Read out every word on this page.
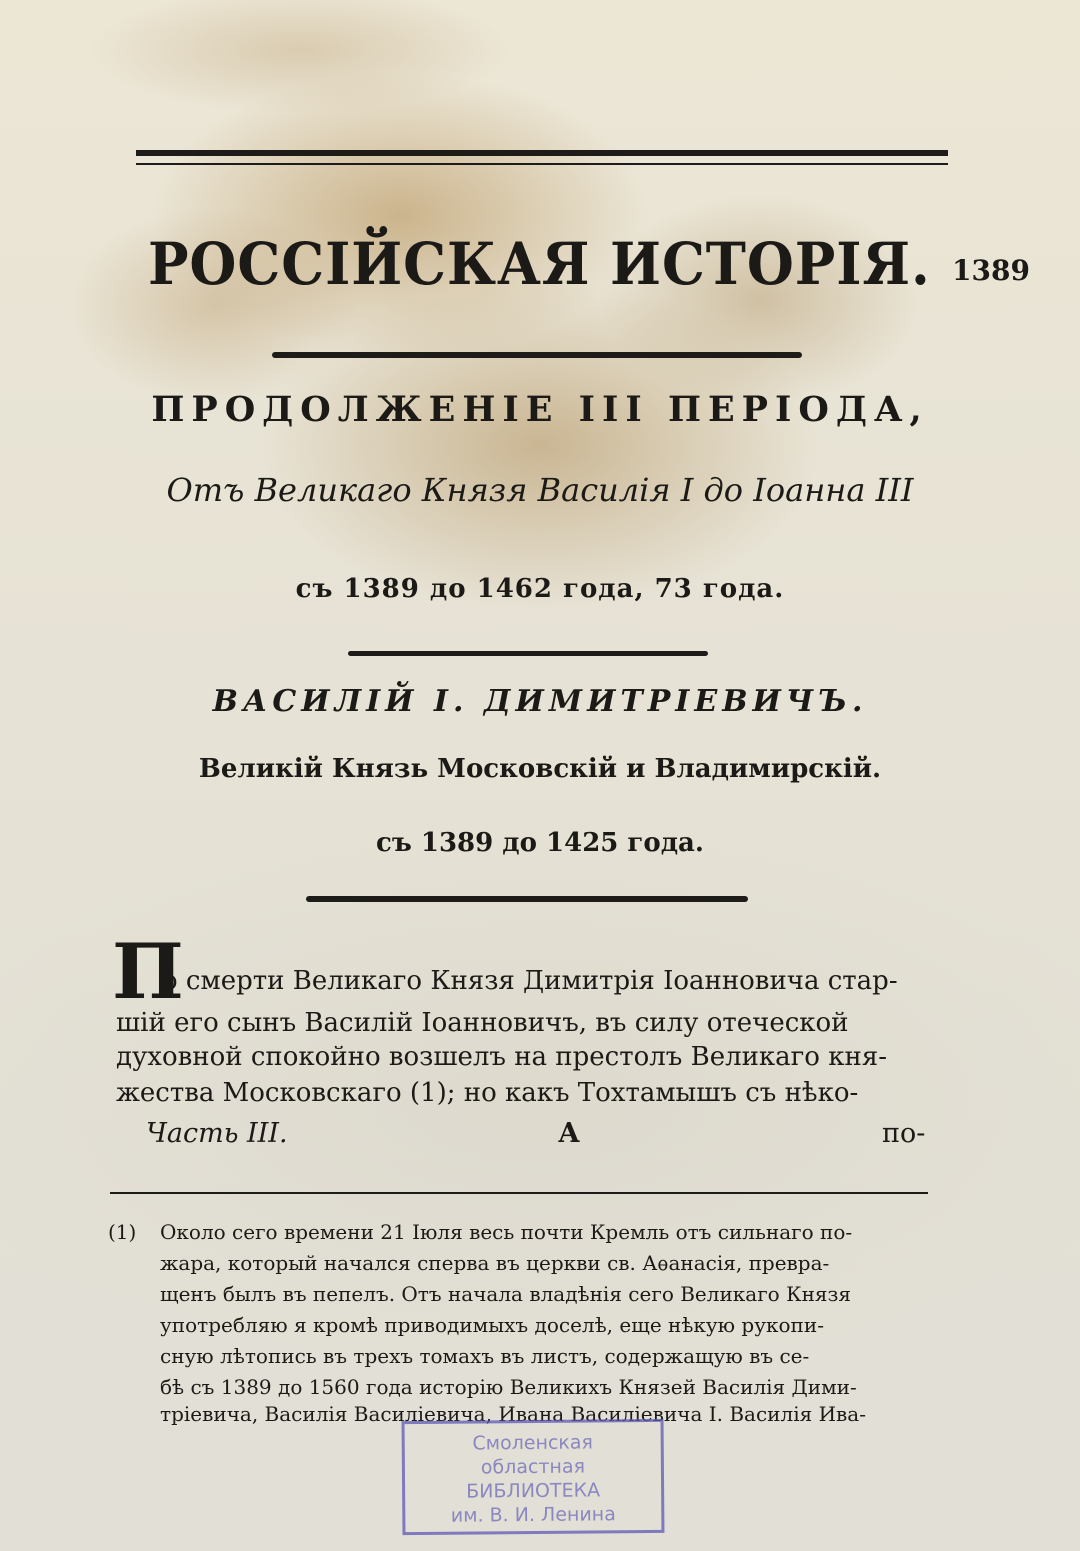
РОССІЙСКАЯ ИСТОРІЯ. 1389
ПРОДОЛЖЕНІЕ III ПЕРІОДА,
Отъ Великаго Князя Василія I до Іоанна III
съ 1389 до 1462 года, 73 года.
ВАСИЛІЙ I. ДИМИТРІЕВИЧЪ.
Великій Князь Московскій и Владимирскій.
съ 1389 до 1425 года.
П
о смерти Великаго Князя Димитрія Іоанновича стар-
шій его сынъ Василій Іоанновичъ, въ силу отеческой
духовной спокойно возшелъ на престолъ Великаго кня-
жества Московскаго (1); но какъ Тохтамышъ съ нѣко-
Часть III.	А	по-
(1) Около сего времени 21 Іюля весь почти Кремль отъ сильнаго по-
жара, который начался сперва въ церкви св. Аѳанасія, превра-
щенъ былъ въ пепелъ. Отъ начала владѣнія сего Великаго Князя
употребляю я кромѣ приводимыхъ доселѣ, еще нѣкую рукопи-
сную лѣтопись въ трехъ томахъ въ листъ, содержащую въ се-
бѣ съ 1389 до 1560 года исторію Великихъ Князей Василія Дими-
тріевича, Василія Василіевича, Ивана Василіевича I. Василія Ива-
Смоленская
областная
БИБЛИОТЕКА
им. В. И. Ленина
